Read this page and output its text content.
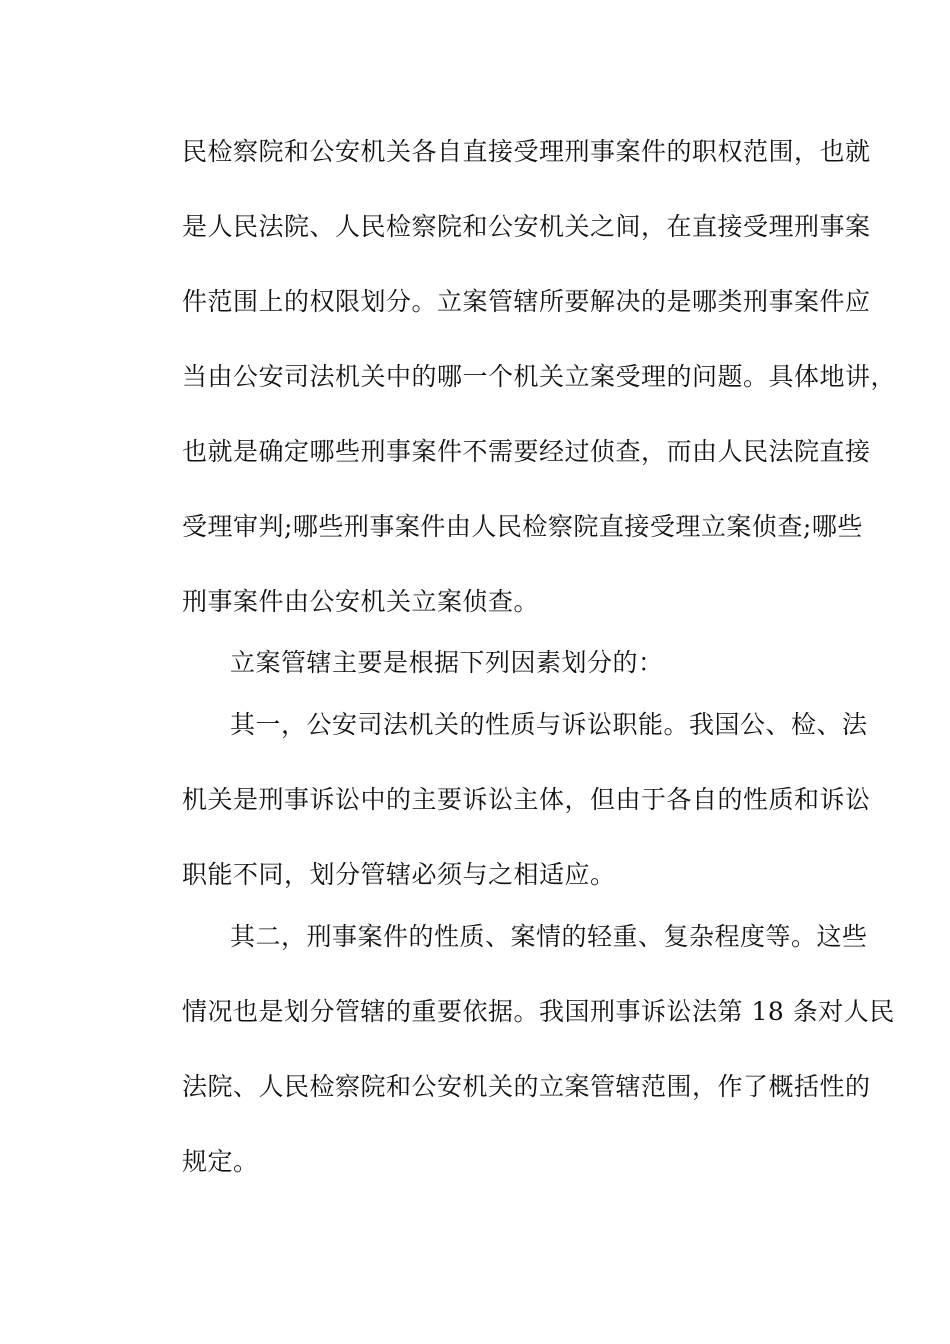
民检察院和公安机关各自直接受理刑事案件的职权范围，也就
是人民法院、人民检察院和公安机关之间，在直接受理刑事案
件范围上的权限划分。立案管辖所要解决的是哪类刑事案件应
当由公安司法机关中的哪一个机关立案受理的问题。具体地讲，
也就是确定哪些刑事案件不需要经过侦查，而由人民法院直接
受理审判;哪些刑事案件由人民检察院直接受理立案侦查;哪些
刑事案件由公安机关立案侦查。
立案管辖主要是根据下列因素划分的：
其一，公安司法机关的性质与诉讼职能。我国公、检、法
机关是刑事诉讼中的主要诉讼主体，但由于各自的性质和诉讼
职能不同，划分管辖必须与之相适应。
其二，刑事案件的性质、案情的轻重、复杂程度等。这些
情况也是划分管辖的重要依据。我国刑事诉讼法第 18 条对人民
法院、人民检察院和公安机关的立案管辖范围，作了概括性的
规定。
